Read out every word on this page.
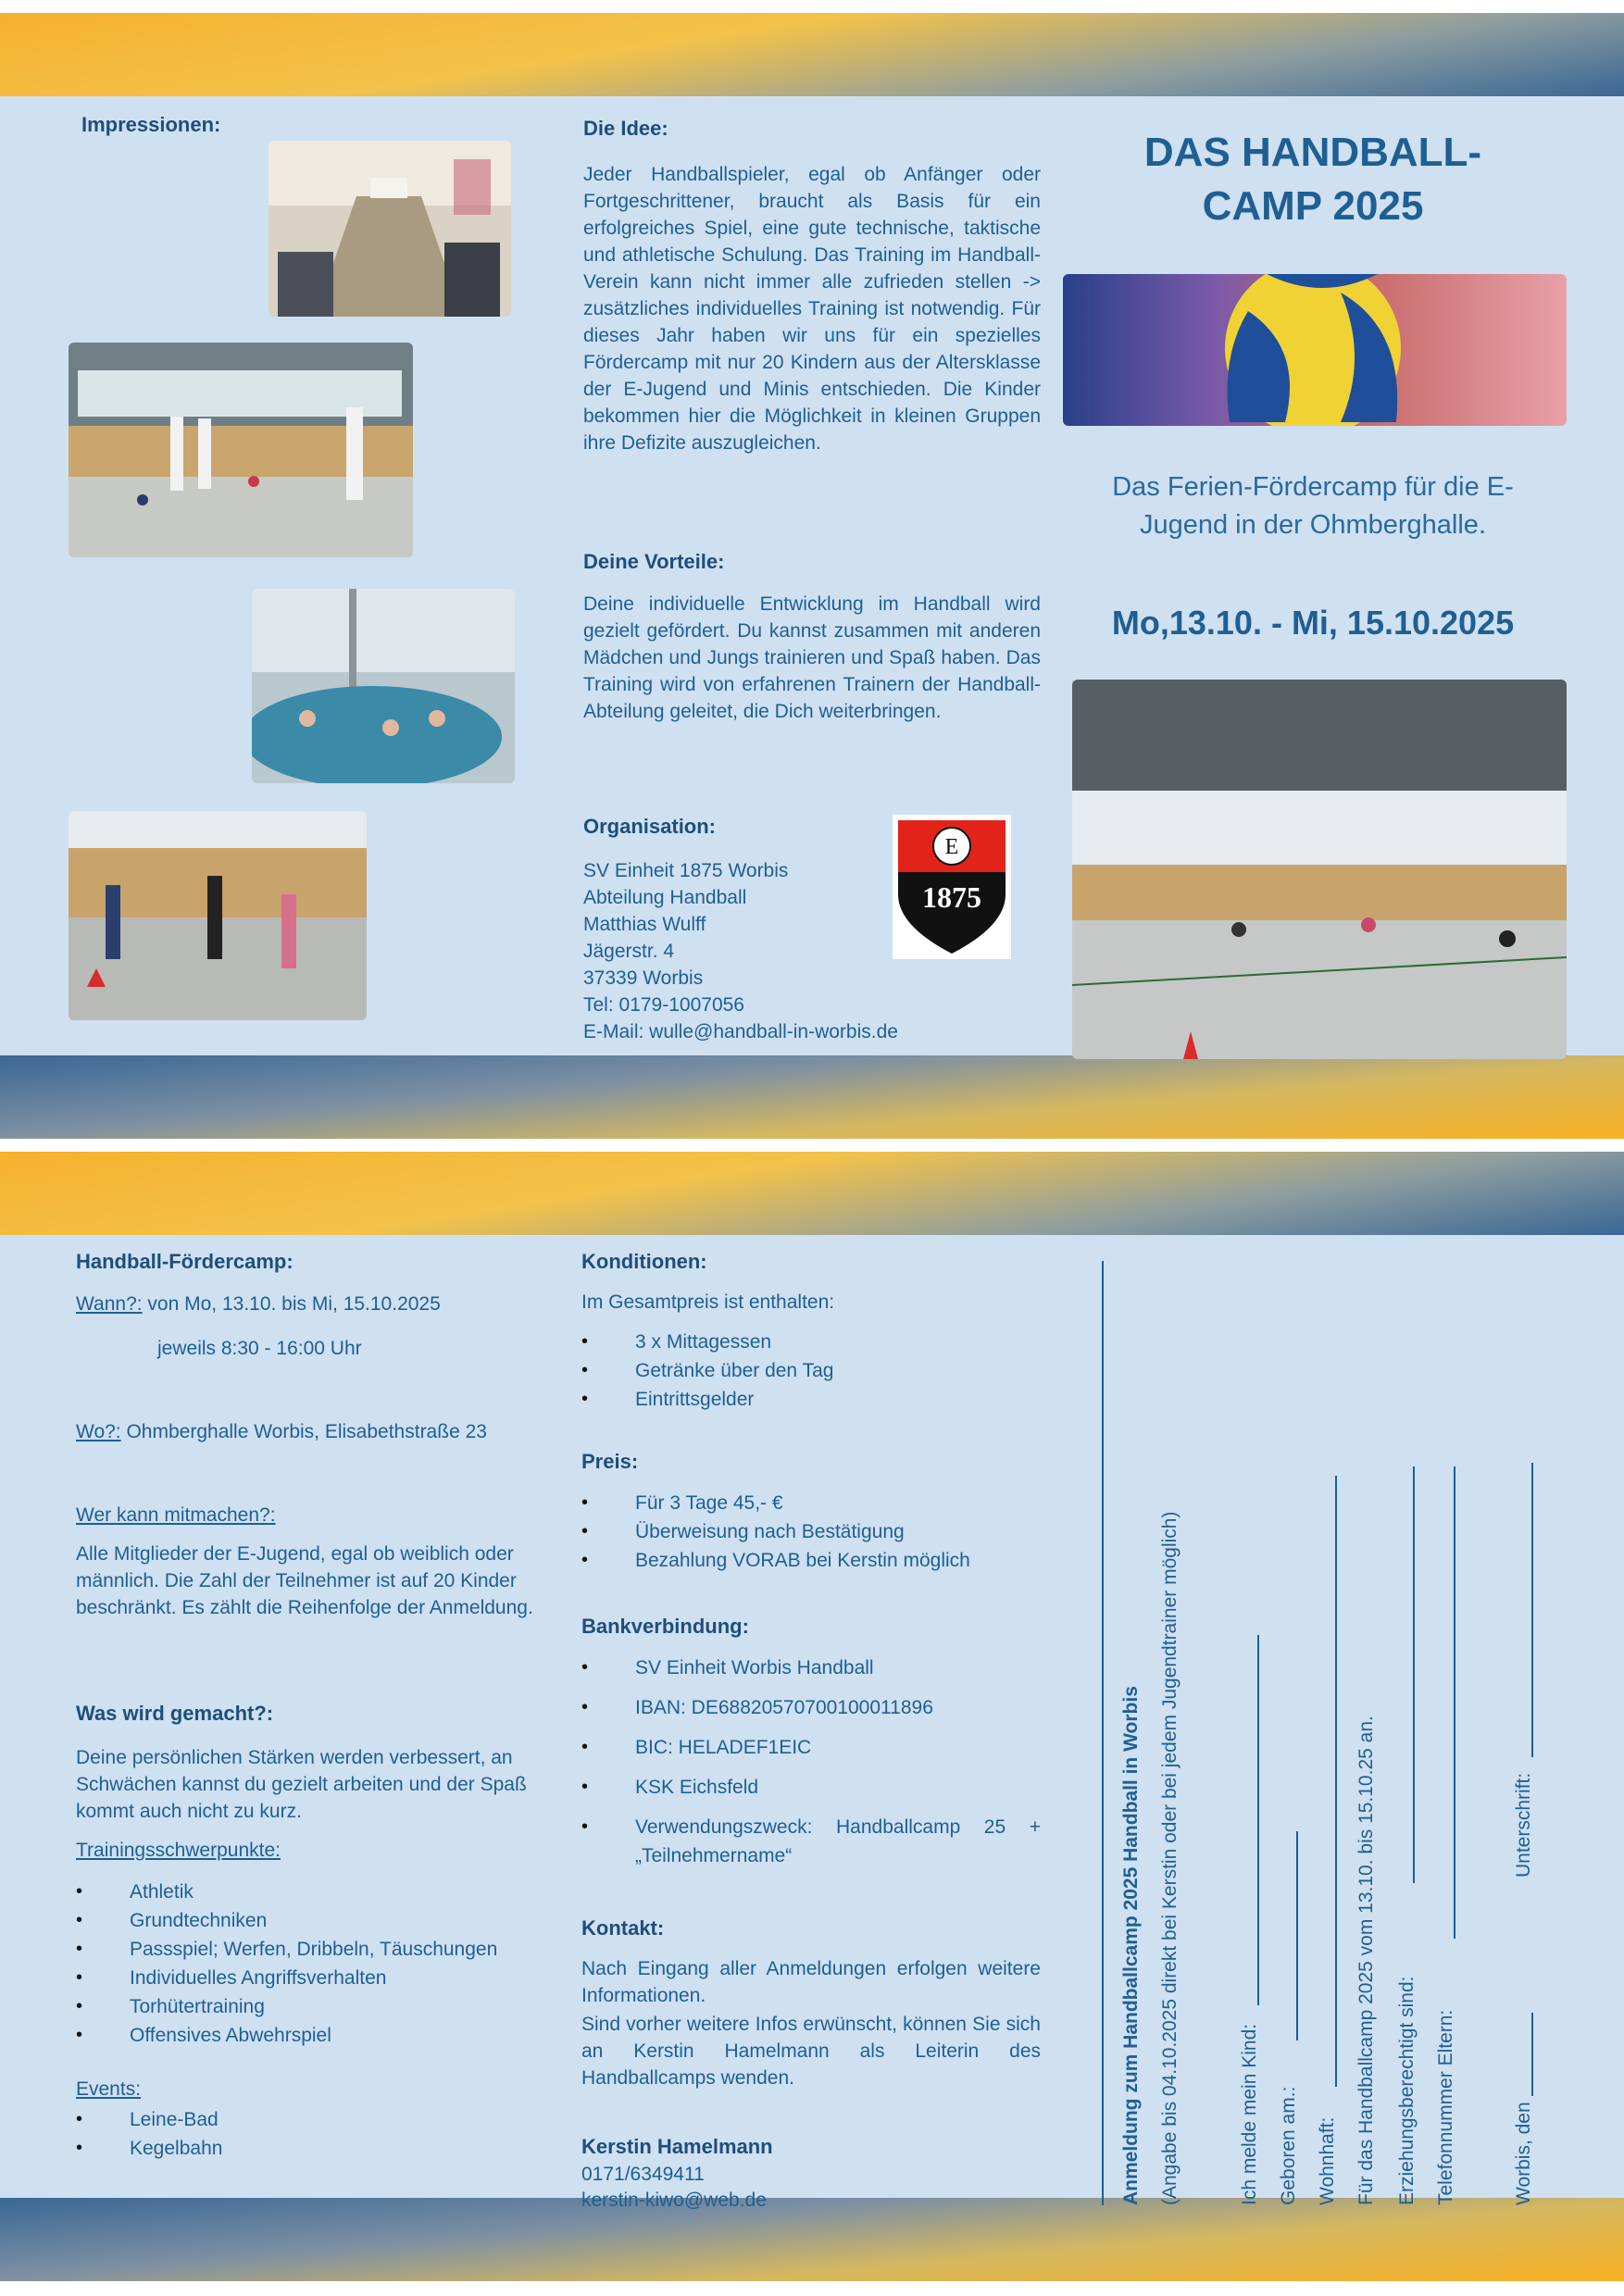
Impressionen:	Die Idee:
Jeder Handballspieler, egal ob Anfänger oder Fortgeschrittener, braucht als Basis für ein erfolgreiches Spiel, eine gute technische, taktische und athletische Schulung. Das Training im Handball-Verein kann nicht immer alle zufrieden stellen -> zusätzliches individuelles Training ist notwendig. Für dieses Jahr haben wir uns für ein spezielles Fördercamp mit nur 20 Kindern aus der Altersklasse der E-Jugend und Minis entschieden. Die Kinder bekommen hier die Möglichkeit in kleinen Gruppen ihre Defizite auszugleichen.
Deine Vorteile:
Deine individuelle Entwicklung im Handball wird gezielt gefördert. Du kannst zusammen mit anderen Mädchen und Jungs trainieren und Spaß haben. Das Training wird von erfahrenen Trainern der Handball-Abteilung geleitet, die Dich weiterbringen.
Organisation:
SV Einheit 1875 Worbis
Abteilung Handball
Matthias Wulff
Jägerstr. 4
37339 Worbis
Tel: 0179-1007056
E-Mail: wulle@handball-in-worbis.de
E
1875
DAS HANDBALL-
CAMP 2025
Das Ferien-Fördercamp für die E-
Jugend in der Ohmberghalle.
Mo,13.10. - Mi, 15.10.2025
Handball-Fördercamp:
Wann?: von Mo, 13.10. bis Mi, 15.10.2025
jeweils 8:30 - 16:00 Uhr
Wo?: Ohmberghalle Worbis, Elisabethstraße 23
Wer kann mitmachen?:
Alle Mitglieder der E-Jugend, egal ob weiblich oder männlich. Die Zahl der Teilnehmer ist auf 20 Kinder beschränkt. Es zählt die Reihenfolge der Anmeldung.
Was wird gemacht?:
Deine persönlichen Stärken werden verbessert, an Schwächen kannst du gezielt arbeiten und der Spaß kommt auch nicht zu kurz.
Trainingsschwerpunkte:
• Athletik
• Grundtechniken
• Passspiel; Werfen, Dribbeln, Täuschungen
• Individuelles Angriffsverhalten
• Torhütertraining
• Offensives Abwehrspiel
Events:
• Leine-Bad
• Kegelbahn
Konditionen:
Im Gesamtpreis ist enthalten:
• 3 x Mittagessen
• Getränke über den Tag
• Eintrittsgelder
Preis:
• Für 3 Tage 45,- €
• Überweisung nach Bestätigung
• Bezahlung VORAB bei Kerstin möglich
Bankverbindung:
• SV Einheit Worbis Handball
• IBAN: DE68820570700100011896
• BIC: HELADEF1EIC
• KSK Eichsfeld
• Verwendungszweck: Handballcamp 25 + „Teilnehmername“
Kontakt:
Nach Eingang aller Anmeldungen erfolgen weitere Informationen.
Sind vorher weitere Infos erwünscht, können Sie sich an Kerstin Hamelmann als Leiterin des Handballcamps wenden.
Kerstin Hamelmann
0171/6349411
kerstin-kiwo@web.de	Anmeldung zum Handballcamp 2025 Handball in Worbis (Angabe bis 04.10.2025 direkt bei Kerstin oder bei jedem Jugendtrainer möglich)	Ich melde mein Kind: Geboren am.: Wohnhaft: Für das Handballcamp 2025 vom 13.10. bis 15.10.25 an. Erziehungsberechtigt sind: Telefonnummer Eltern:	Worbis, den
Unterschrift:
